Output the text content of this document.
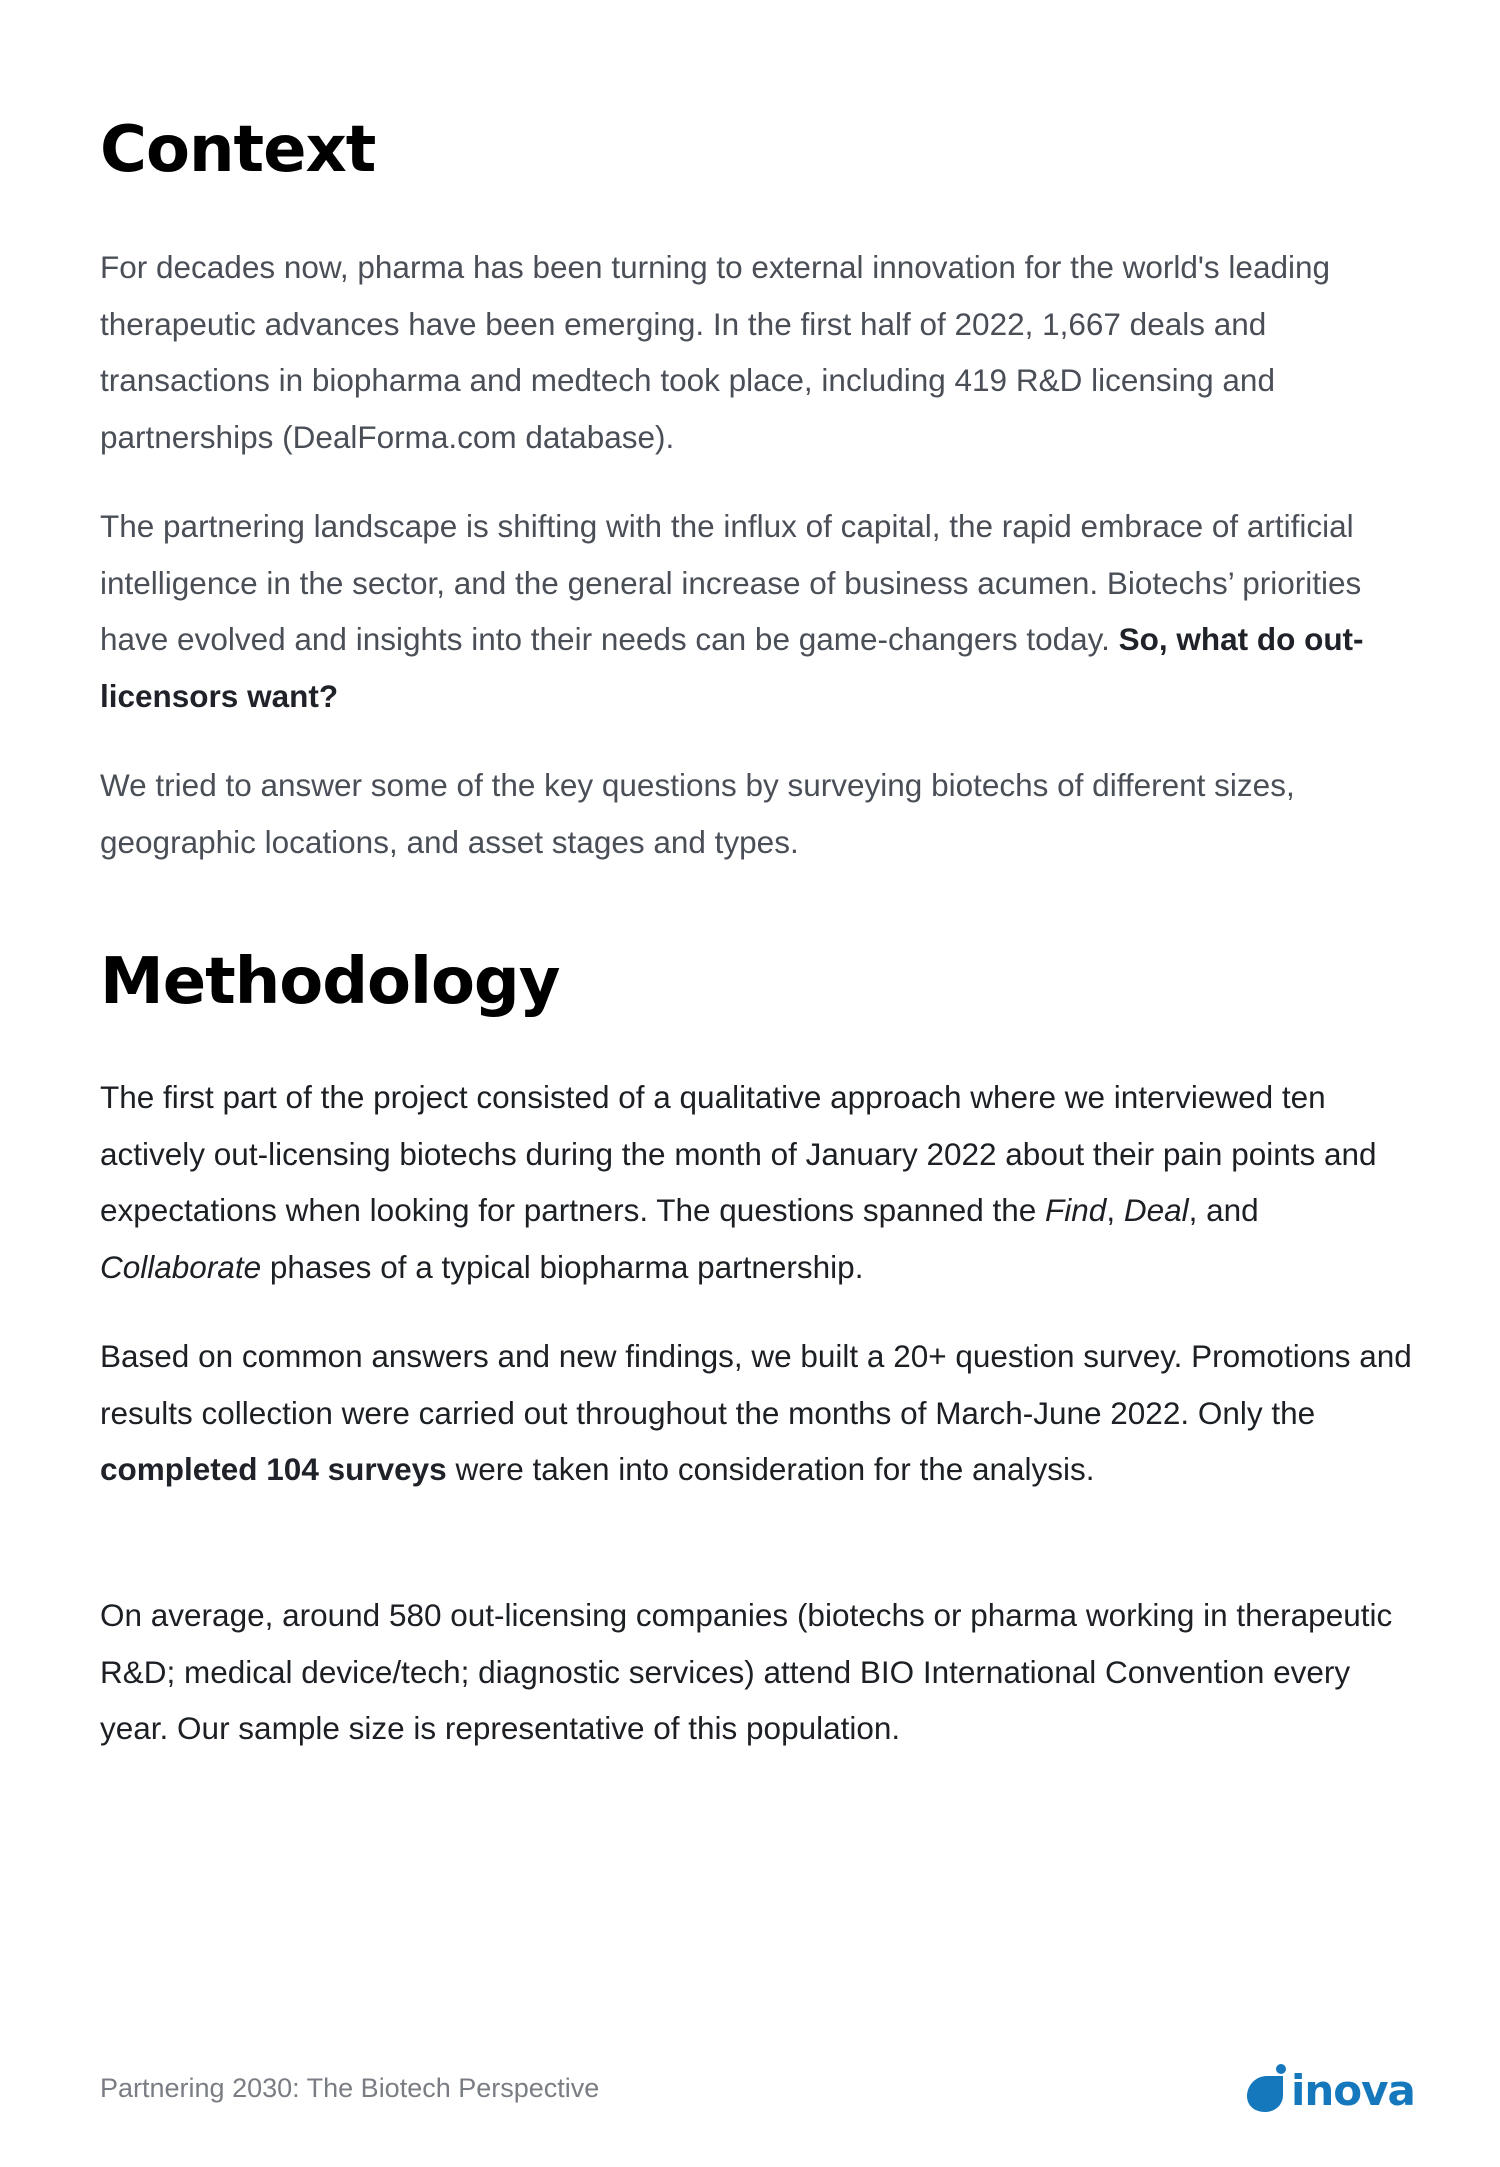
Context

For decades now, pharma has been turning to external innovation for the world's leading therapeutic advances have been emerging. In the first half of 2022, 1,667 deals and transactions in biopharma and medtech took place, including 419 R&D licensing and partnerships (DealForma.com database).

The partnering landscape is shifting with the influx of capital, the rapid embrace of artificial intelligence in the sector, and the general increase of business acumen. Biotechs’ priorities have evolved and insights into their needs can be game-changers today. So, what do out-licensors want?

We tried to answer some of the key questions by surveying biotechs of different sizes, geographic locations, and asset stages and types.

Methodology

The first part of the project consisted of a qualitative approach where we interviewed ten actively out-licensing biotechs during the month of January 2022 about their pain points and expectations when looking for partners. The questions spanned the Find, Deal, and Collaborate phases of a typical biopharma partnership.

Based on common answers and new findings, we built a 20+ question survey. Promotions and results collection were carried out throughout the months of March-June 2022. Only the completed 104 surveys were taken into consideration for the analysis.

On average, around 580 out-licensing companies (biotechs or pharma working in therapeutic R&D; medical device/tech; diagnostic services) attend BIO International Convention every year. Our sample size is representative of this population.

Partnering 2030: The Biotech Perspective	inova
